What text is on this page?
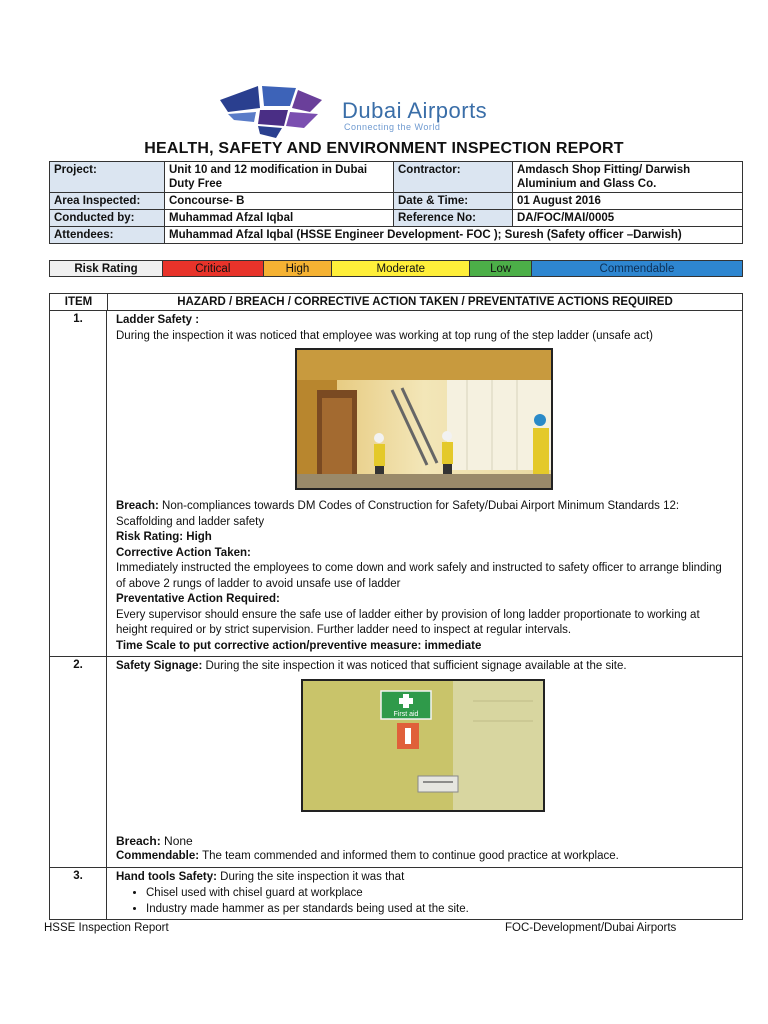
Dubai Airports
Connecting the World
HEALTH, SAFETY AND ENVIRONMENT INSPECTION REPORT
Project:	Unit 10 and 12 modification in Dubai Duty Free	Contractor:	Amdasch Shop Fitting/ Darwish Aluminium and Glass Co.
Area Inspected:	Concourse- B	Date & Time:	01 August 2016
Conducted by:	Muhammad Afzal Iqbal	Reference No:	DA/FOC/MAI/0005
Attendees:	Muhammad Afzal Iqbal (HSSE Engineer Development- FOC ); Suresh (Safety officer –Darwish)		
Risk Rating	Critical	High	Moderate	Low	Commendable
ITEM	HAZARD / BREACH / CORRECTIVE ACTION TAKEN / PREVENTATIVE ACTIONS REQUIRED
1.	Ladder Safety :
During the inspection it was noticed that employee was working at top rung of the step ladder (unsafe act)
Breach: Non-compliances towards DM Codes of Construction for Safety/Dubai Airport Minimum Standards 12: Scaffolding and ladder safety
Risk Rating: High
Corrective Action Taken:
Immediately instructed the employees to come down and work safely and instructed to safety officer to arrange blinding of above 2 rungs of ladder to avoid unsafe use of ladder
Preventative Action Required:
Every supervisor should ensure the safe use of ladder either by provision of long ladder proportionate to working at height required or by strict supervision. Further ladder need to inspect at regular intervals.
Time Scale to put corrective action/preventive measure: immediate
2.	Safety Signage: During the site inspection it was noticed that sufficient signage available at the site.
First aid
Breach: None
Commendable: The team commended and informed them to continue good practice at workplace.
3.	Hand tools Safety: During the site inspection it was that
• Chisel used with chisel guard at workplace
• Industry made hammer as per standards being used at the site.
HSSE Inspection Report	FOC-Development/Dubai Airports
